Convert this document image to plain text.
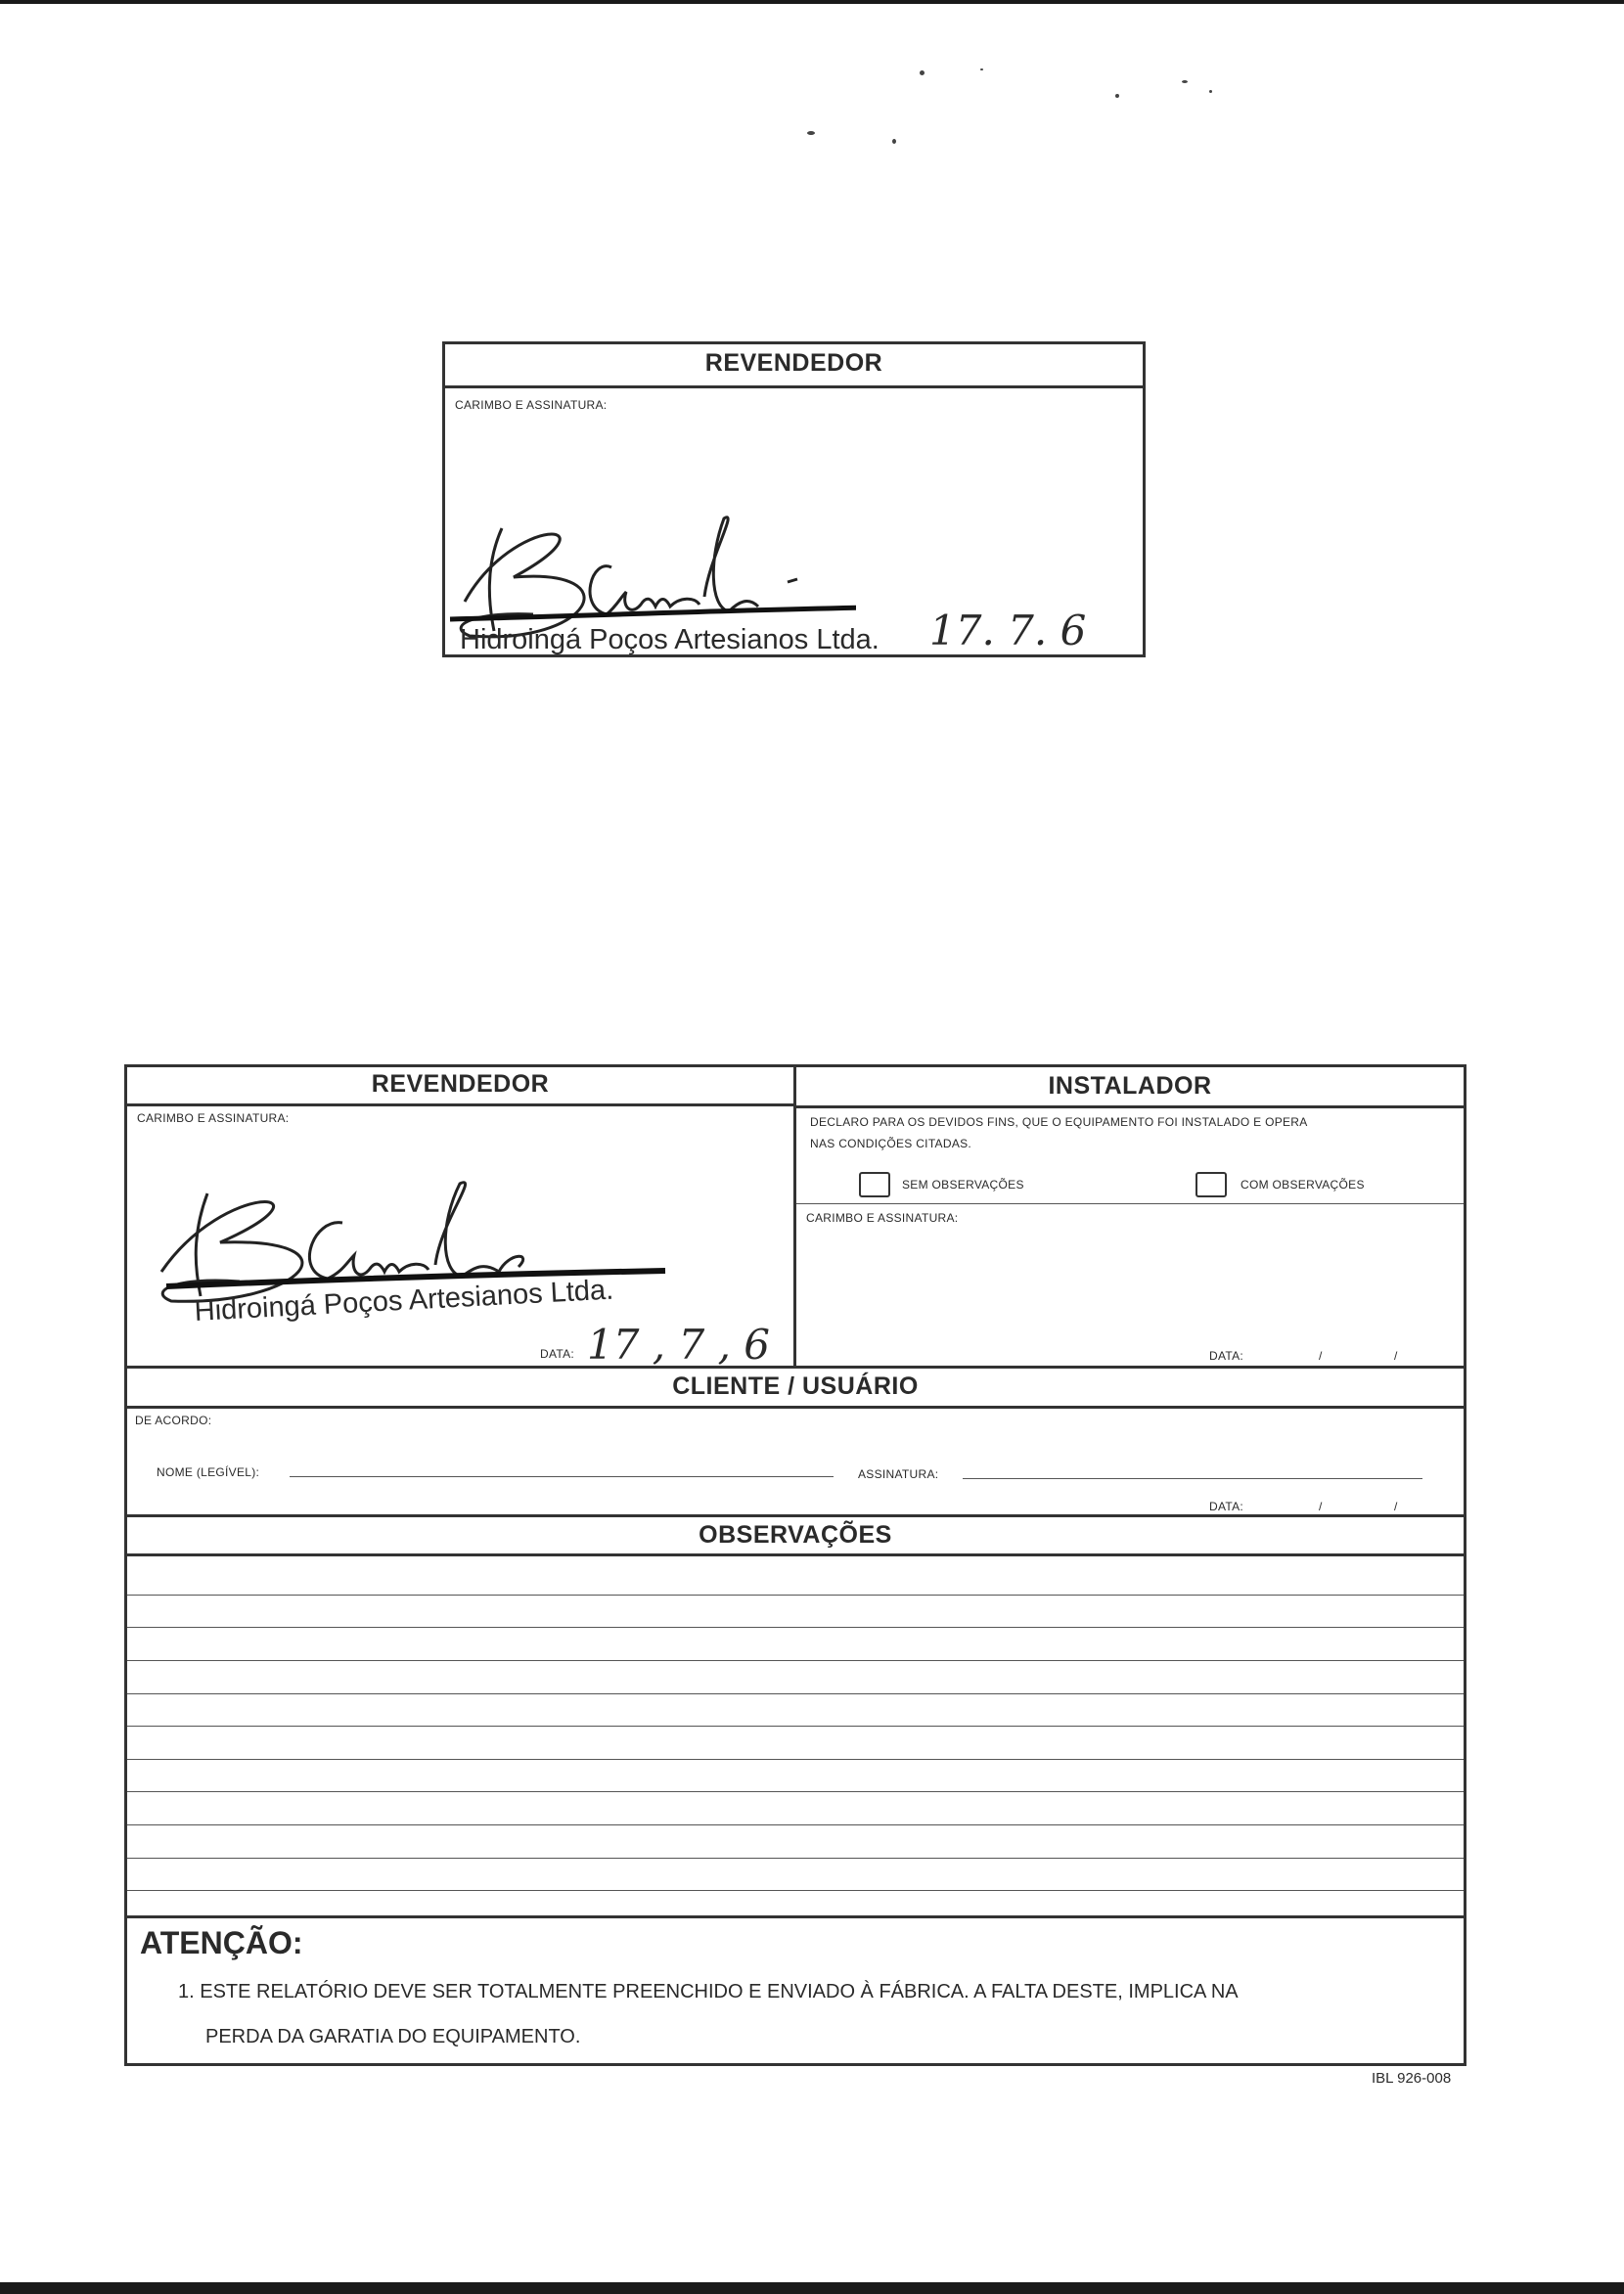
REVENDEDOR
CARIMBO E ASSINATURA:
Hidroingá Poços Artesianos Ltda. 17. 7. 6
REVENDEDOR
CARIMBO E ASSINATURA:
Hidroingá Poços Artesianos Ltda.
DATA: 17 , 7 , 6
INSTALADOR
DECLARO PARA OS DEVIDOS FINS, QUE O EQUIPAMENTO FOI INSTALADO E OPERA
NAS CONDIÇÕES CITADAS.
SEM OBSERVAÇÕES	COM OBSERVAÇÕES
CARIMBO E ASSINATURA:
DATA:	/	/
CLIENTE / USUÁRIO
DE ACORDO:
NOME (LEGÍVEL):	ASSINATURA:
DATA:	/	/
OBSERVAÇÕES
ATENÇÃO:
1. ESTE RELATÓRIO DEVE SER TOTALMENTE PREENCHIDO E ENVIADO À FÁBRICA. A FALTA DESTE, IMPLICA NA
PERDA DA GARATIA DO EQUIPAMENTO.
IBL 926-008
